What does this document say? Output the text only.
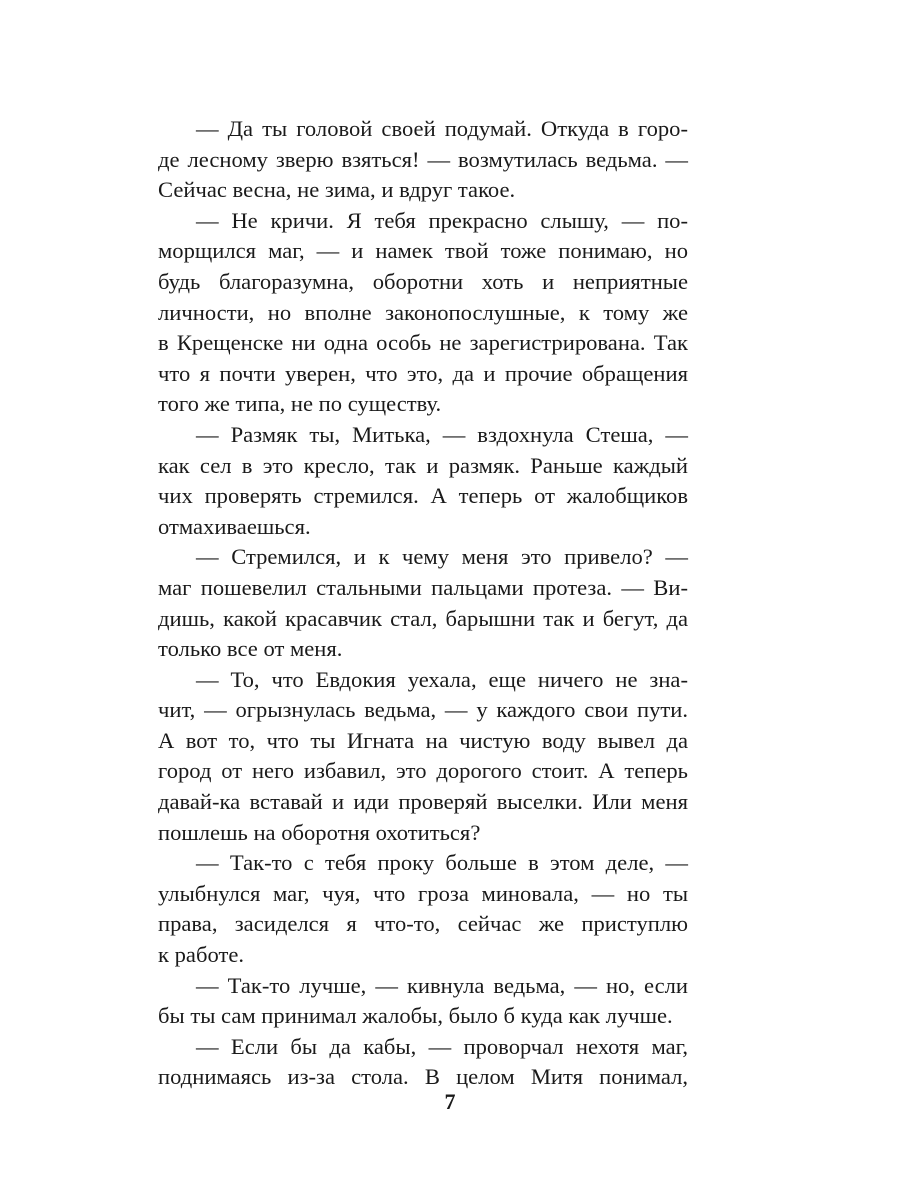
— Да ты головой своей подумай. Откуда в горо-
де лесному зверю взяться! — возмутилась ведьма. —
Сейчас весна, не зима, и вдруг такое.
— Не кричи. Я тебя прекрасно слышу, — по-
морщился маг, — и намек твой тоже понимаю, но
будь благоразумна, оборотни хоть и неприятные
личности, но вполне законопослушные, к тому же
в Крещенске ни одна особь не зарегистрирована. Так
что я почти уверен, что это, да и прочие обращения
того же типа, не по существу.
— Размяк ты, Митька, — вздохнула Стеша, —
как сел в это кресло, так и размяк. Раньше каждый
чих проверять стремился. А теперь от жалобщиков
отмахиваешься.
— Стремился, и к чему меня это привело? —
маг пошевелил стальными пальцами протеза. — Ви-
дишь, какой красавчик стал, барышни так и бегут, да
только все от меня.
— То, что Евдокия уехала, еще ничего не зна-
чит, — огрызнулась ведьма, — у каждого свои пути.
А вот то, что ты Игната на чистую воду вывел да
город от него избавил, это дорогого стоит. А теперь
давай-ка вставай и иди проверяй выселки. Или меня
пошлешь на оборотня охотиться?
— Так-то с тебя проку больше в этом деле, —
улыбнулся маг, чуя, что гроза миновала, — но ты
права, засиделся я что-то, сейчас же приступлю
к работе.
— Так-то лучше, — кивнула ведьма, — но, если
бы ты сам принимал жалобы, было б куда как лучше.
— Если бы да кабы, — проворчал нехотя маг,
поднимаясь из-за стола. В целом Митя понимал,
7
